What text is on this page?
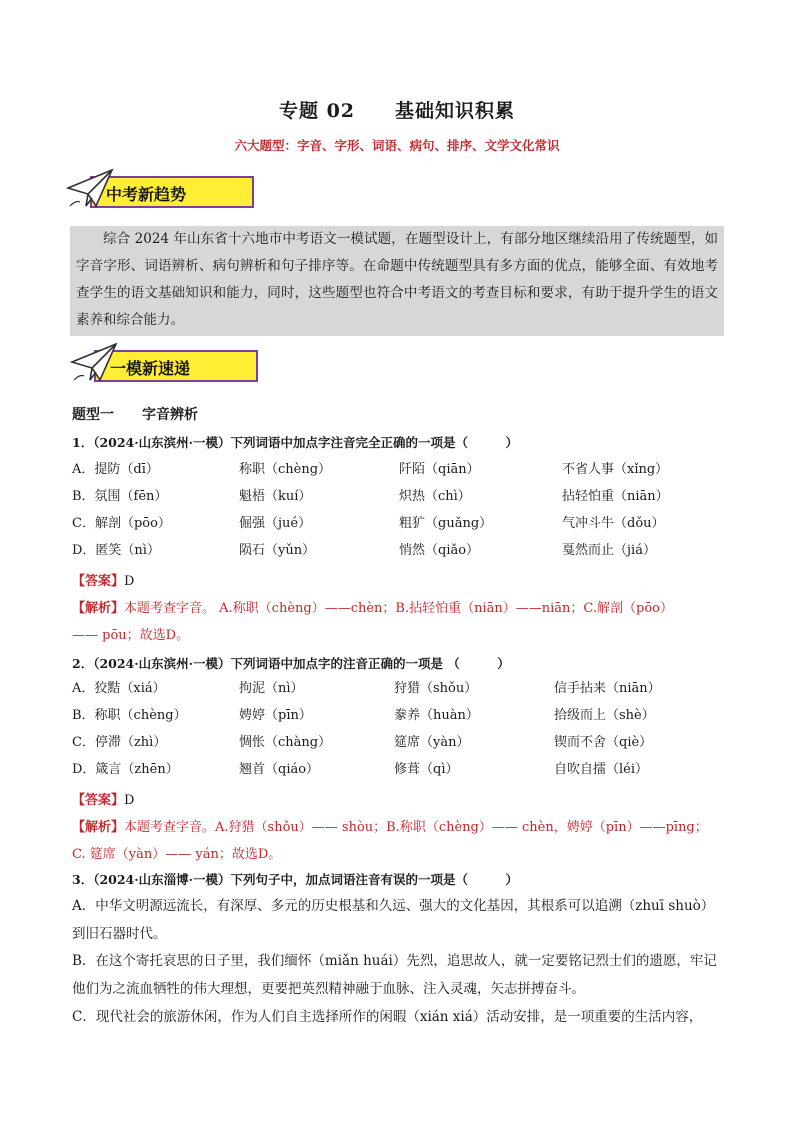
专题 02 基础知识积累
六大题型：字音、字形、词语、病句、排序、文学文化常识
中考新趋势

综合 2024 年山东省十六地市中考语文一模试题，在题型设计上，有部分地区继续沿用了传统题型，如字音字形、词语辨析、病句辨析和句子排序等。在命题中传统题型具有多方面的优点，能够全面、有效地考查学生的语文基础知识和能力，同时，这些题型也符合中考语文的考查目标和要求，有助于提升学生的语文素养和综合能力。

一模新速递
题型一　　字音辨析
1．（2024·山东滨州·一模）下列词语中加点字注音完全正确的一项是（　　　）
A．提防（dī）	称职（chèng）	阡陌（qiān）	不省人事（xǐng）
B．氛围（fēn）	魁梧（kuí）	炽热（chì）	拈轻怕重（niān）
C．解剖（pōo）	倔强（jué）	粗犷（guǎng）	气冲斗牛（dǒu）
D．匿笑（nì）	陨石（yǔn）	悄然（qiǎo）	戛然而止（jiá）
【答案】D
【解析】本题考查字音。 A.称职（chèng）——chèn；B.拈轻怕重（niān）——niān；C.解剖（pōo）
—— pōu；故选D。
2．（2024·山东滨州·一模）下列词语中加点字的注音正确的一项是 （　　　）
A．狡黠（xiá）	拘泥（nì）	狩猎（shǒu）	信手拈来（niān）
B．称职（chèng）	娉婷（pīn）	豢养（huàn）	拾级而上（shè）
C．停滞（zhì）	惆怅（chàng）	筵席（yàn）	锲而不舍（qiè）
D．箴言（zhēn）	翘首（qiáo）	修葺（qì）	自吹自擂（léi）
【答案】D
【解析】本题考查字音。A.狩猎（shǒu）—— shòu；B.称职（chèng）—— chèn，娉婷（pīn）——pīng；
C. 筵席（yàn）—— yán；故选D。
3．（2024·山东淄博·一模）下列句子中，加点词语注音有误的一项是（　　　）
A．中华文明源远流长，有深厚、多元的历史根基和久远、强大的文化基因，其根系可以追溯（zhuī shuò）
到旧石器时代。
B．在这个寄托哀思的日子里，我们缅怀（miǎn huái）先烈，追思故人，就一定要铭记烈士们的遗愿，牢记
他们为之流血牺牲的伟大理想，更要把英烈精神融于血脉、注入灵魂，矢志拼搏奋斗。
C．现代社会的旅游休闲，作为人们自主选择所作的闲暇（xián xiá）活动安排，是一项重要的生活内容，
